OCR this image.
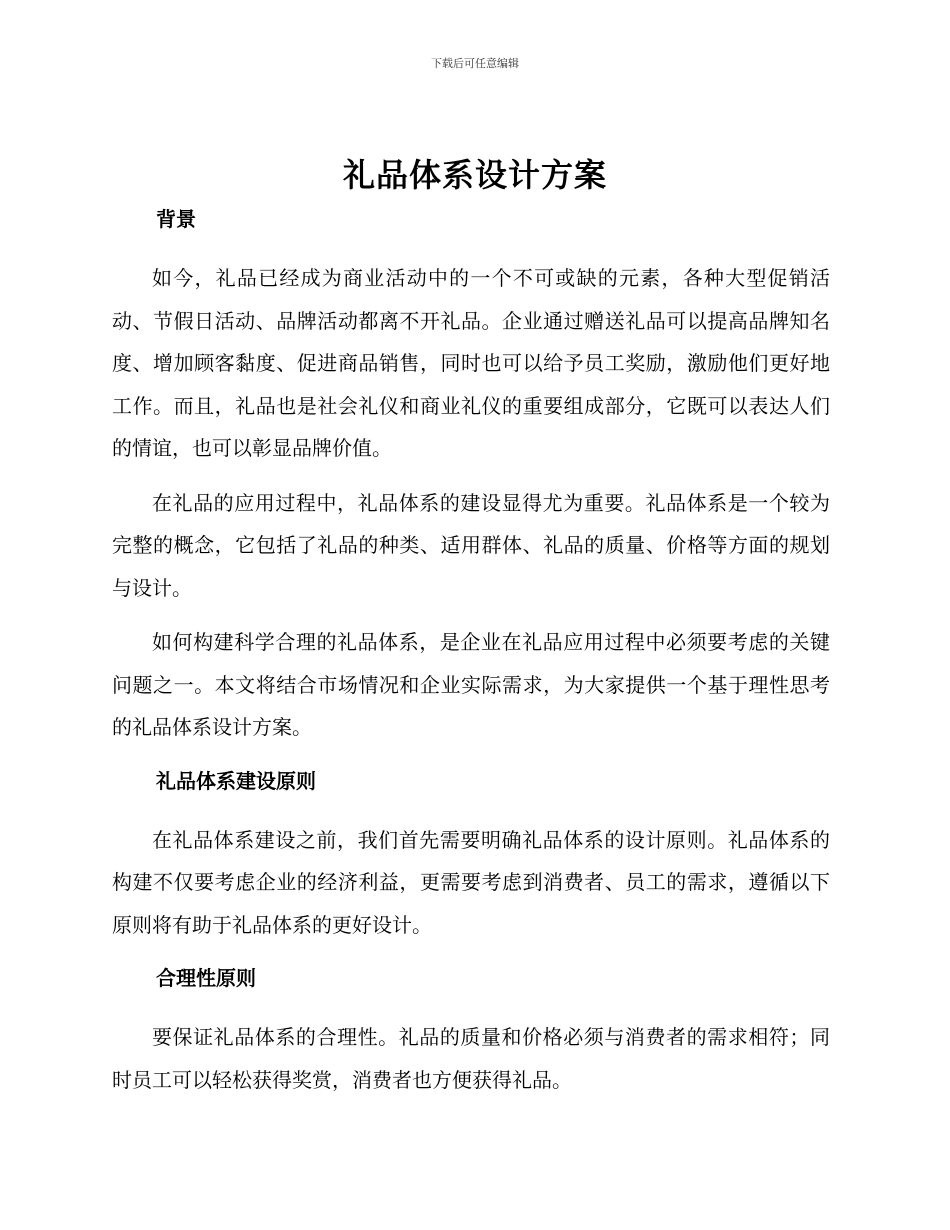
下载后可任意编辑
礼品体系设计方案
背景

如今，礼品已经成为商业活动中的一个不可或缺的元素，各种大型促销活动、节假日活动、品牌活动都离不开礼品。企业通过赠送礼品可以提高品牌知名度、增加顾客黏度、促进商品销售，同时也可以给予员工奖励，激励他们更好地工作。而且，礼品也是社会礼仪和商业礼仪的重要组成部分，它既可以表达人们的情谊，也可以彰显品牌价值。

在礼品的应用过程中，礼品体系的建设显得尤为重要。礼品体系是一个较为完整的概念，它包括了礼品的种类、适用群体、礼品的质量、价格等方面的规划与设计。

如何构建科学合理的礼品体系，是企业在礼品应用过程中必须要考虑的关键问题之一。本文将结合市场情况和企业实际需求，为大家提供一个基于理性思考的礼品体系设计方案。

礼品体系建设原则

在礼品体系建设之前，我们首先需要明确礼品体系的设计原则。礼品体系的构建不仅要考虑企业的经济利益，更需要考虑到消费者、员工的需求，遵循以下原则将有助于礼品体系的更好设计。

合理性原则

要保证礼品体系的合理性。礼品的质量和价格必须与消费者的需求相符；同时员工可以轻松获得奖赏，消费者也方便获得礼品。
